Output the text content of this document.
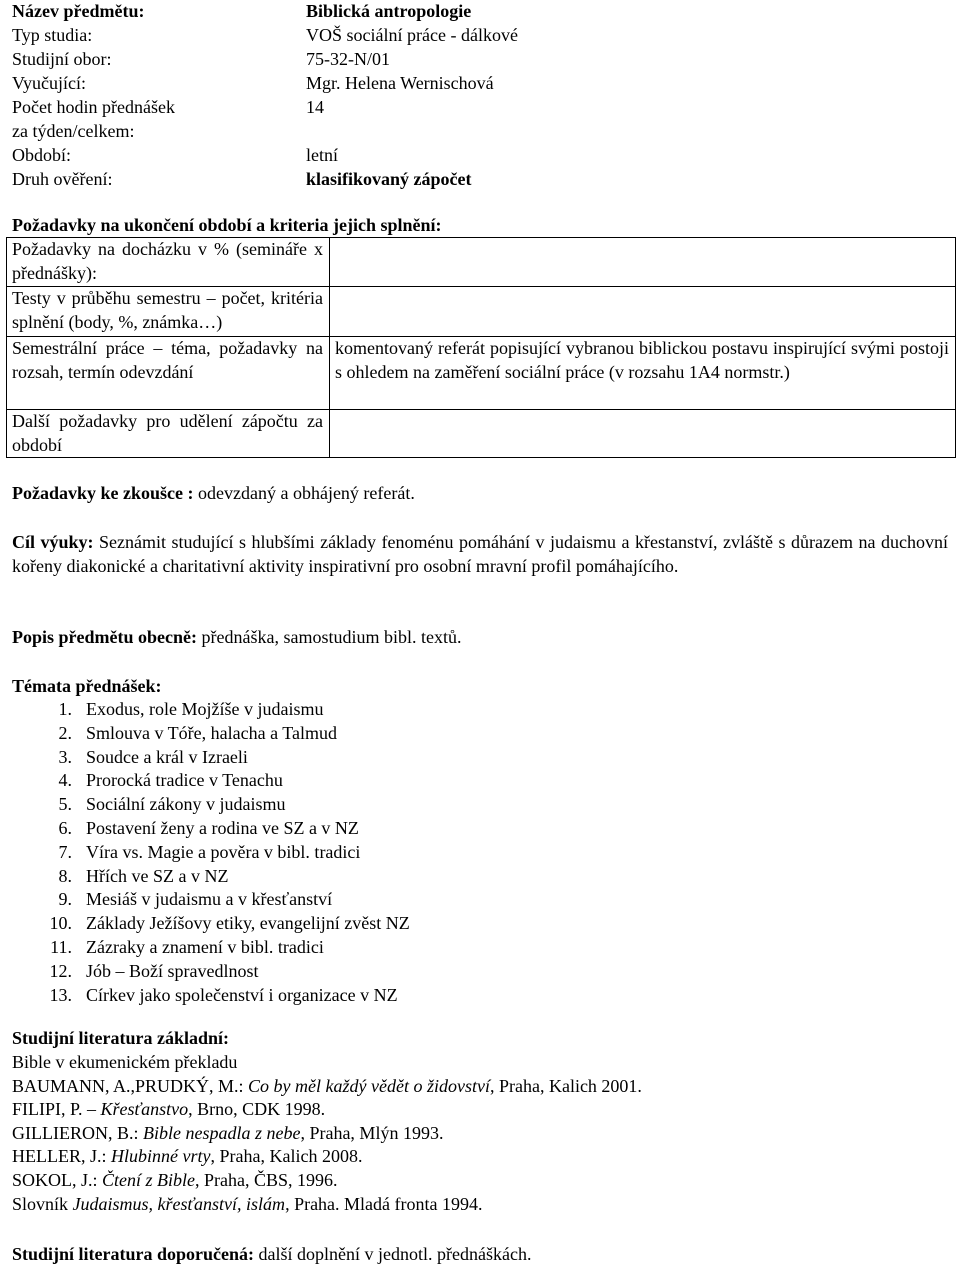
Název předmětu:	Biblická antropologie
Typ studia:	VOŠ sociální práce - dálkové
Studijní obor:	75-32-N/01
Vyučující:	Mgr. Helena Wernischová
Počet hodin přednášek	14
za týden/celkem:
Období:	letní
Druh ověření:	klasifikovaný zápočet
Požadavky na ukončení období a kriteria jejich splnění:
Požadavky na docházku v % (semináře x přednášky):	
Testy v průběhu semestru – počet, kritéria splnění (body, %, známka…)	
Semestrální práce – téma, požadavky na rozsah, termín odevzdání	komentovaný referát popisující vybranou biblickou postavu inspirující svými postoji s ohledem na zaměření sociální práce (v rozsahu 1A4 normstr.)
Další požadavky pro udělení zápočtu za období	
Požadavky ke zkoušce : odevzdaný a obhájený referát.
Cíl výuky: Seznámit studující s hlubšími základy fenoménu pomáhání v judaismu a křestanství, zvláště s důrazem na duchovní kořeny diakonické a charitativní aktivity inspirativní pro osobní mravní profil pomáhajícího.
Popis předmětu obecně: přednáška, samostudium bibl. textů.
Témata přednášek:
1. Exodus, role Mojžíše v judaismu
2. Smlouva v Tóře, halacha a Talmud
3. Soudce a král v Izraeli
4. Prorocká tradice v Tenachu
5. Sociální zákony v judaismu
6. Postavení ženy a rodina ve SZ a v NZ
7. Víra vs. Magie a pověra v bibl. tradici
8. Hřích ve SZ a v NZ
9. Mesiáš v judaismu a v křesťanství
10. Základy Ježíšovy etiky, evangelijní zvěst NZ
11. Zázraky a znamení v bibl. tradici
12. Jób – Boží spravedlnost
13. Církev jako společenství i organizace v NZ
Studijní literatura základní:
Bible v ekumenickém překladu
BAUMANN, A.,PRUDKÝ, M.: Co by měl každý vědět o židovství, Praha, Kalich 2001.
FILIPI, P. – Křesťanstvo, Brno, CDK 1998.
GILLIERON, B.: Bible nespadla z nebe, Praha, Mlýn 1993.
HELLER, J.: Hlubinné vrty, Praha, Kalich 2008.
SOKOL, J.: Čtení z Bible, Praha, ČBS, 1996.
Slovník Judaismus, křesťanství, islám, Praha. Mladá fronta 1994.
Studijní literatura doporučená: další doplnění v jednotl. přednáškách.
